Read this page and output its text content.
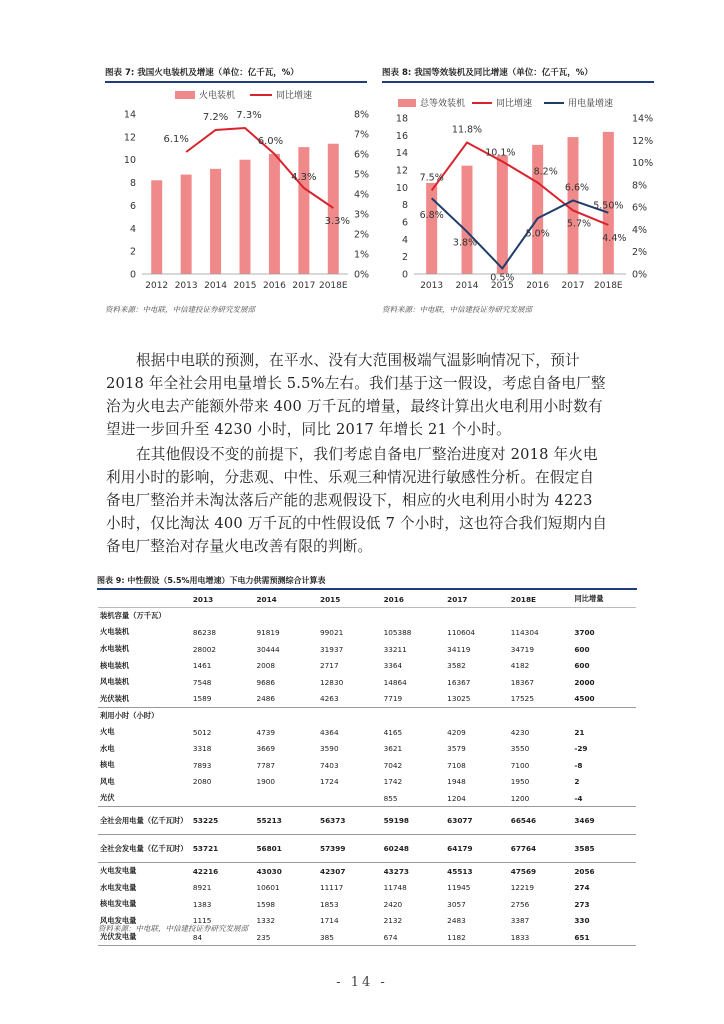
图表 7: 我国火电装机及增速（单位：亿千瓦，%）
火电装机	同比增速
0
2
4
6
8
10
12
14
0%
1%
2%
3%
4%
5%
6%
7%
8%
2012 2013 2014 2015 2016 2017 2018E
6.1%
7.2% 7.3%
6.0%
4.3%
3.3%
资料来源：中电联，中信建投证券研究发展部
图表 8: 我国等效装机及同比增速（单位：亿千瓦，%）
总等效装机	同比增速	用电量增速
0
2
4
6
8
10
12
14
16
18
0%
2%
4%
6%
8%
10%
12%
14%
2013 2014 2015 2016 2017 2018E
7.5%
11.8%
10.1%
8.2%
5.7%
4.4%
6.8%
3.8%
0.5%
5.0%
6.6%
5.50%
资料来源：中电联，中信建投证券研究发展部
根据中电联的预测，在平水、没有大范围极端气温影响情况下，预计
2018 年全社会用电量增长 5.5%左右。我们基于这一假设，考虑自备电厂整
治为火电去产能额外带来 400 万千瓦的增量，最终计算出火电利用小时数有
望进一步回升至 4230 小时，同比 2017 年增长 21 个小时。
在其他假设不变的前提下，我们考虑自备电厂整治进度对 2018 年火电
利用小时的影响，分悲观、中性、乐观三种情况进行敏感性分析。在假定自
备电厂整治并未淘汰落后产能的悲观假设下，相应的火电利用小时为 4223
小时，仅比淘汰 400 万千瓦的中性假设低 7 个小时，这也符合我们短期内自
备电厂整治对存量火电改善有限的判断。
图表 9: 中性假设（5.5%用电增速）下电力供需预测综合计算表
	2013	2014	2015	2016	2017	2018E	同比增量
装机容量（万千瓦）							
火电装机	86238	91819	99021	105388	110604	114304	3700
水电装机	28002	30444	31937	33211	34119	34719	600
核电装机	1461	2008	2717	3364	3582	4182	600
风电装机	7548	9686	12830	14864	16367	18367	2000
光伏装机	1589	2486	4263	7719	13025	17525	4500
利用小时（小时）							
火电	5012	4739	4364	4165	4209	4230	21
水电	3318	3669	3590	3621	3579	3550	-29
核电	7893	7787	7403	7042	7108	7100	-8
风电	2080	1900	1724	1742	1948	1950	2
光伏				855	1204	1200	-4
全社会用电量（亿千瓦时）	53225	55213	56373	59198	63077	66546	3469
全社会发电量（亿千瓦时）	53721	56801	57399	60248	64179	67764	3585
火电发电量	42216	43030	42307	43273	45513	47569	2056
水电发电量	8921	10601	11117	11748	11945	12219	274
核电发电量	1383	1598	1853	2420	3057	2756	273
风电发电量	1115	1332	1714	2132	2483	3387	330
光伏发电量	84	235	385	674	1182	1833	651
资料来源：中电联，中信建投证券研究发展部
- 14 -
